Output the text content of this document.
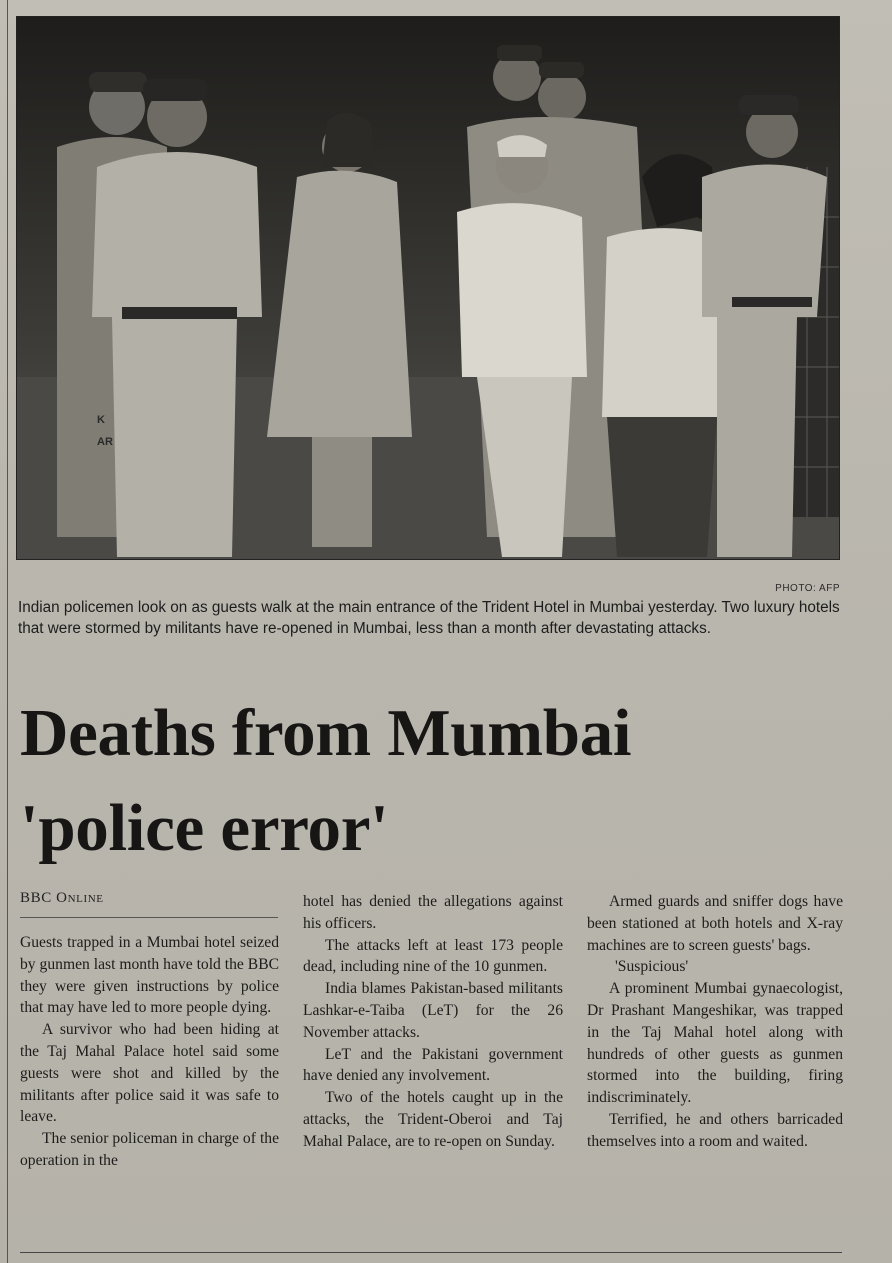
K
AR
PHOTO: AFP
Indian policemen look on as guests walk at the main entrance of the Trident Hotel in Mumbai yesterday. Two luxury hotels that were stormed by militants have re-opened in Mumbai, less than a month after devastating attacks.
Deaths from Mumbai
'police error'
BBC Online

Guests trapped in a Mumbai hotel seized by gunmen last month have told the BBC they were given instructions by police that may have led to more people dying.

A survivor who had been hiding at the Taj Mahal Palace hotel said some guests were shot and killed by the militants after police said it was safe to leave.

The senior policeman in charge of the operation in the

hotel has denied the allegations against his officers.

The attacks left at least 173 people dead, including nine of the 10 gunmen.

India blames Pakistan-based militants Lashkar-e-Taiba (LeT) for the 26 November attacks.

LeT and the Pakistani government have denied any involvement.

Two of the hotels caught up in the attacks, the Trident-Oberoi and Taj Mahal Palace, are to re-open on Sunday.

Armed guards and sniffer dogs have been stationed at both hotels and X-ray machines are to screen guests' bags.

'Suspicious'

A prominent Mumbai gynaecologist, Dr Prashant Mangeshikar, was trapped in the Taj Mahal hotel along with hundreds of other guests as gunmen stormed into the building, firing indiscriminately.

Terrified, he and others barricaded themselves into a room and waited.
